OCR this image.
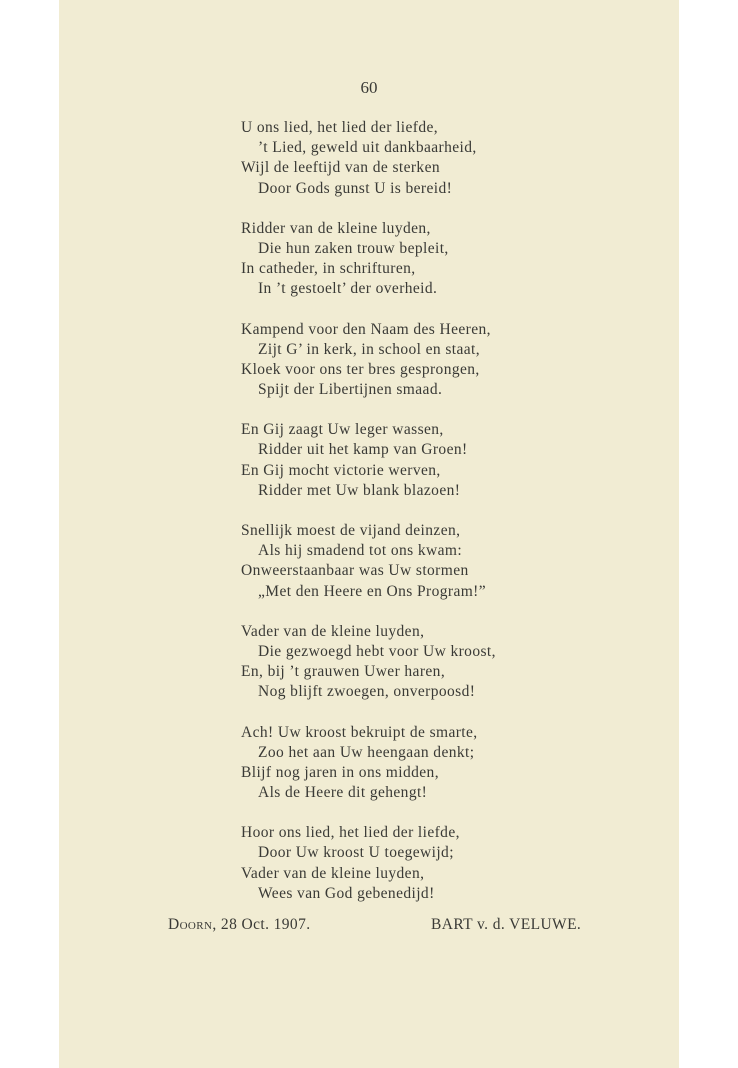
60
U ons lied, het lied der liefde,
’t Lied, geweld uit dankbaarheid,
Wijl de leeftijd van de sterken
Door Gods gunst U is bereid!
Ridder van de kleine luyden,
Die hun zaken trouw bepleit,
In catheder, in schrifturen,
In ’t gestoelt’ der overheid.
Kampend voor den Naam des Heeren,
Zijt G’ in kerk, in school en staat,
Kloek voor ons ter bres gesprongen,
Spijt der Libertijnen smaad.
En Gij zaagt Uw leger wassen,
Ridder uit het kamp van Groen!
En Gij mocht victorie werven,
Ridder met Uw blank blazoen!
Snellijk moest de vijand deinzen,
Als hij smadend tot ons kwam:
Onweerstaanbaar was Uw stormen
„Met den Heere en Ons Program!”
Vader van de kleine luyden,
Die gezwoegd hebt voor Uw kroost,
En, bij ’t grauwen Uwer haren,
Nog blijft zwoegen, onverpoosd!
Ach! Uw kroost bekruipt de smarte,
Zoo het aan Uw heengaan denkt;
Blijf nog jaren in ons midden,
Als de Heere dit gehengt!
Hoor ons lied, het lied der liefde,
Door Uw kroost U toegewijd;
Vader van de kleine luyden,
Wees van God gebenedijd!
Doorn, 28 Oct. 1907.	BART v. d. VELUWE.
